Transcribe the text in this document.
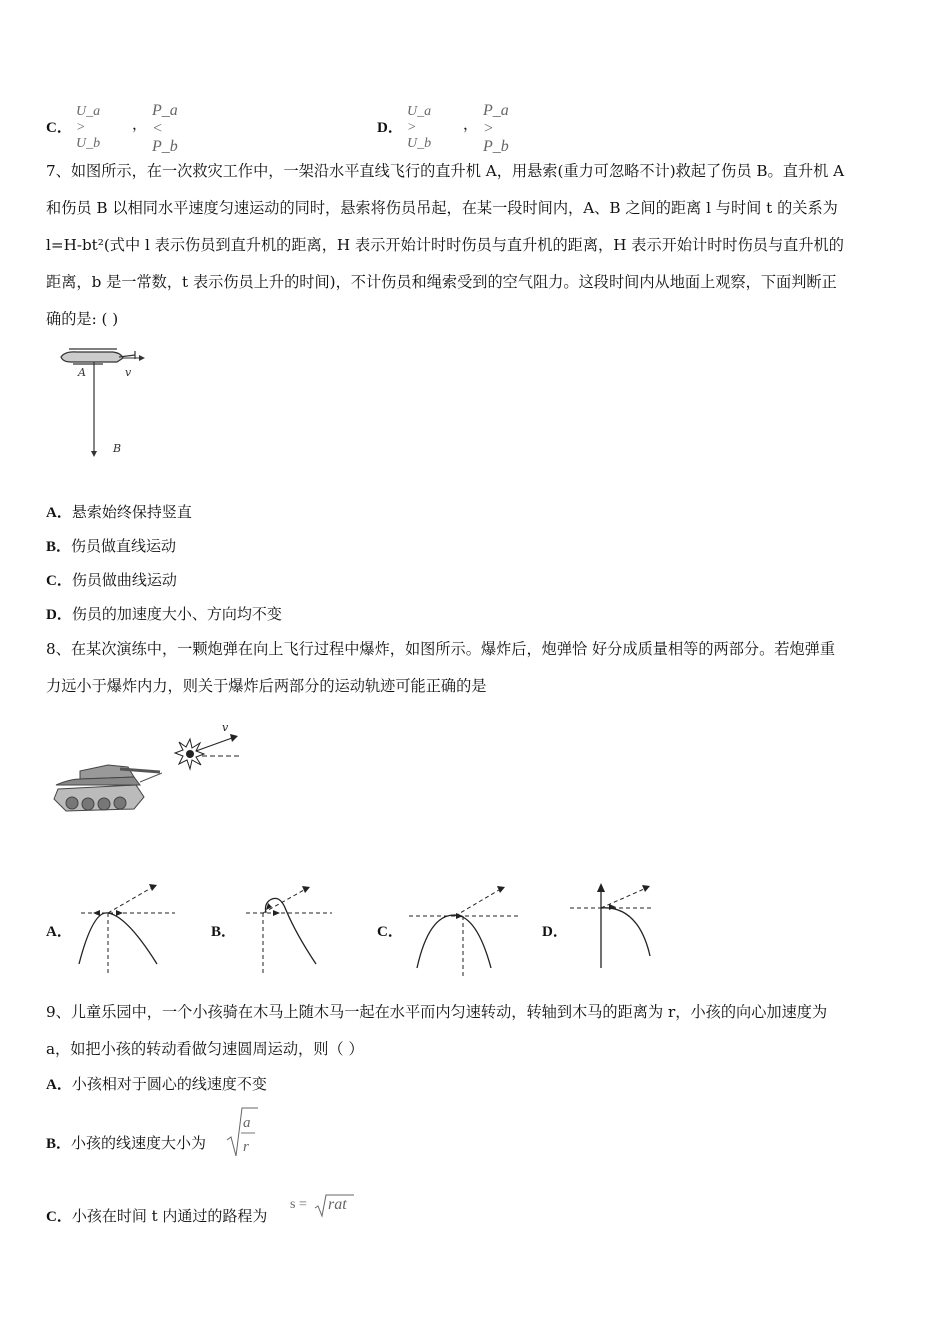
C．
U_a > U_b
，
P_a < P_b
D．
U_a > U_b
，
P_a > P_b
7、如图所示，在一次救灾工作中，一架沿水平直线飞行的直升机 A，用悬索(重力可忽略不计)救起了伤员 B。直升机 A
和伤员 B 以相同水平速度匀速运动的同时，悬索将伤员吊起，在某一段时间内，A、B 之间的距离 l 与时间 t 的关系为
l=H-bt²(式中 l 表示伤员到直升机的距离，H 表示开始计时时伤员与直升机的距离，H 表示开始计时时伤员与直升机的
距离，b 是一常数，t 表示伤员上升的时间)，不计伤员和绳索受到的空气阻力。这段时间内从地面上观察，下面判断正
确的是: ( )
A	v
B
A．悬索始终保持竖直
B．伤员做直线运动
C．伤员做曲线运动
D．伤员的加速度大小、方向均不变
8、在某次演练中，一颗炮弹在向上飞行过程中爆炸，如图所示。爆炸后，炮弹恰 好分成质量相等的两部分。若炮弹重
力远小于爆炸内力，则关于爆炸后两部分的运动轨迹可能正确的是
v
A．	B．	C．	D．
9、儿童乐园中，一个小孩骑在木马上随木马一起在水平而内匀速转动，转轴到木马的距离为 r，小孩的向心加速度为
a，如把小孩的转动看做匀速圆周运动，则（ ）
A．小孩相对于圆心的线速度不变
B．小孩的线速度大小为
a
r
C．小孩在时间 t 内通过的路程为
s = rat
